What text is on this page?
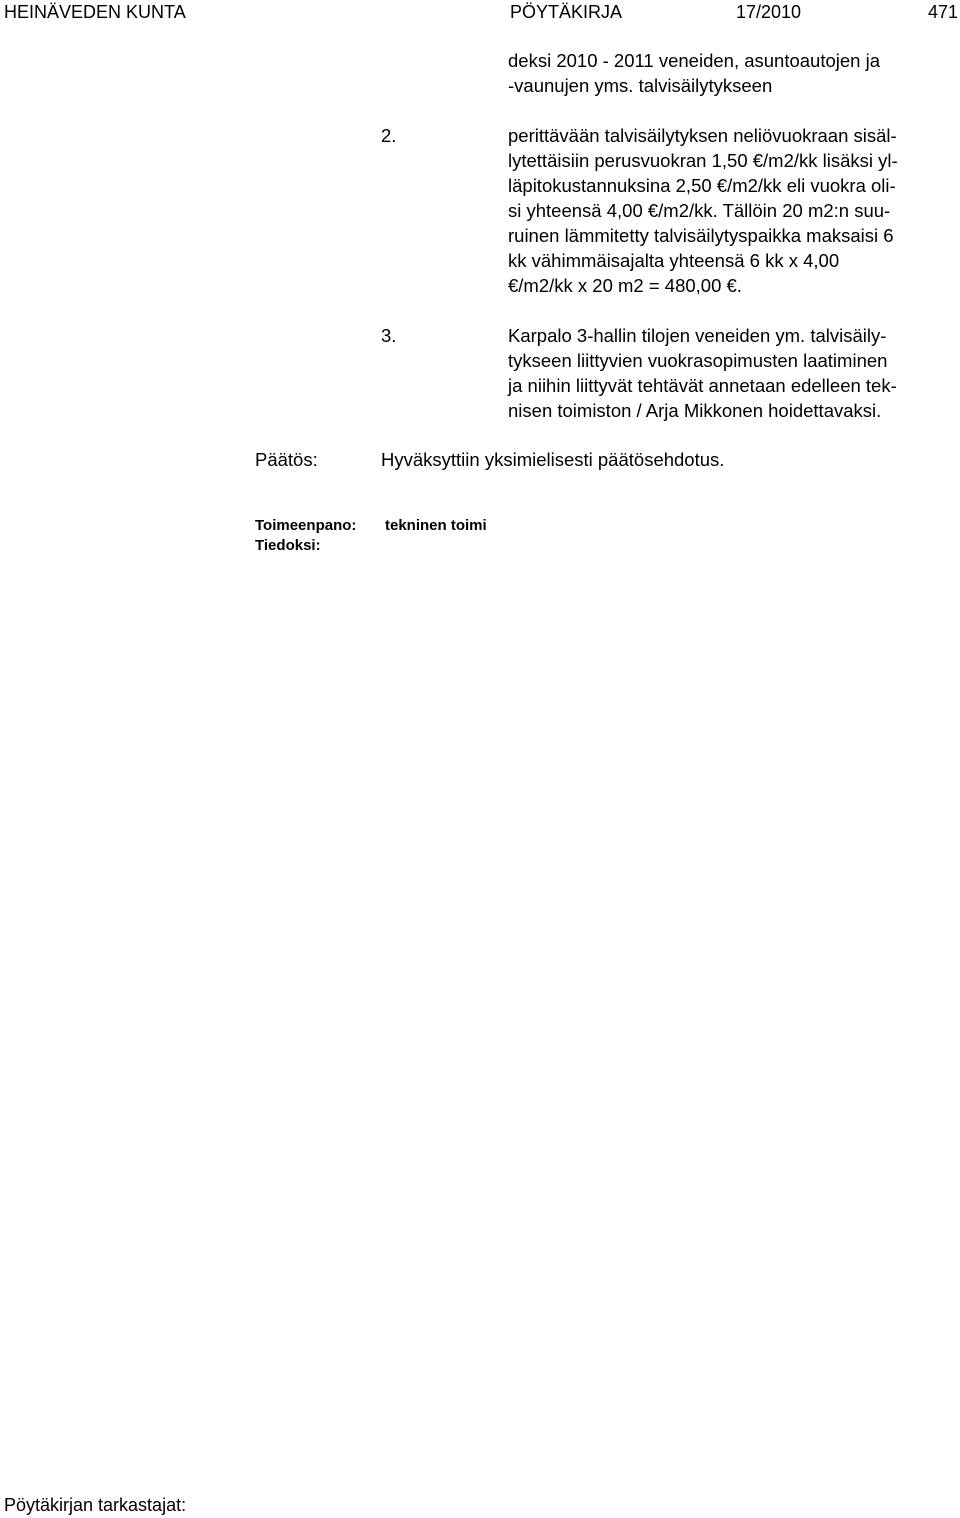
HEINÄVEDEN KUNTA	PÖYTÄKIRJA	17/2010	471
deksi 2010 - 2011 veneiden, asuntoautojen ja
-vaunujen yms. talvisäilytykseen
2.	perittävään talvisäilytyksen neliövuokraan sisäl-
lytettäisiin perusvuokran 1,50 €/m2/kk lisäksi yl-
läpitokustannuksina 2,50 €/m2/kk eli vuokra oli-
si yhteensä 4,00 €/m2/kk. Tällöin 20 m2:n suu-
ruinen lämmitetty talvisäilytyspaikka maksaisi 6
kk vähimmäisajalta yhteensä 6 kk x 4,00
€/m2/kk x 20 m2 = 480,00 €.
3.	Karpalo 3-hallin tilojen veneiden ym. talvisäily-
tykseen liittyvien vuokrasopimusten laatiminen
ja niihin liittyvät tehtävät annetaan edelleen tek-
nisen toimiston / Arja Mikkonen hoidettavaksi.
Päätös:	Hyväksyttiin yksimielisesti päätösehdotus.
Toimeenpano: tekninen toimi
Tiedoksi:
Pöytäkirjan tarkastajat:
